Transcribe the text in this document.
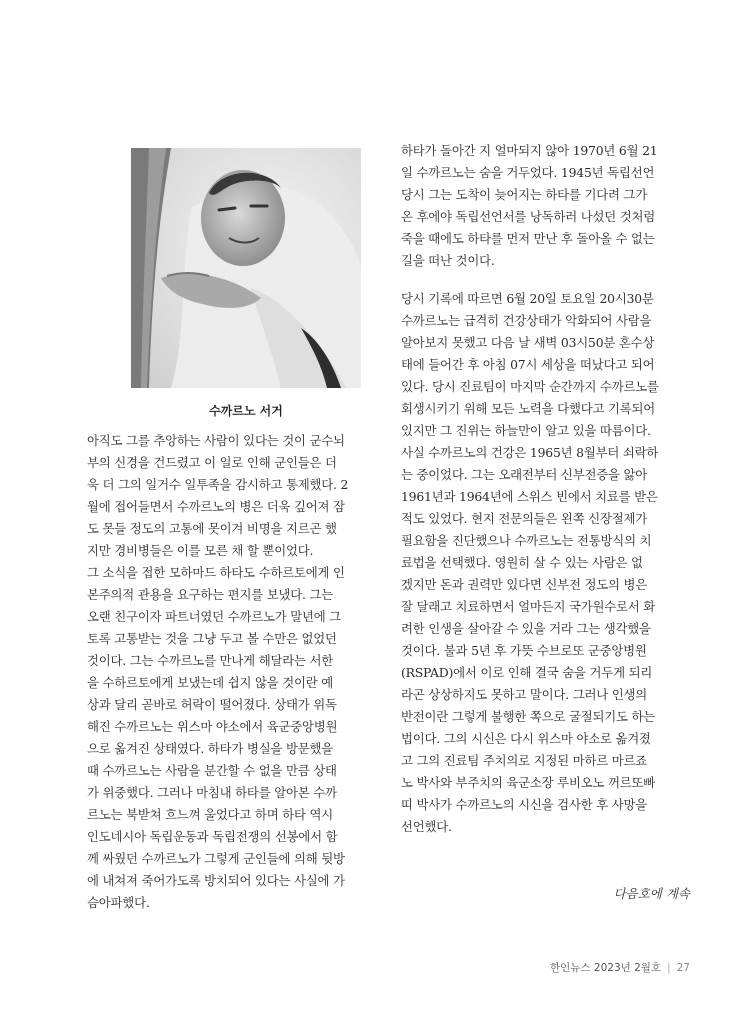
수까르노 서거

아직도 그를 추앙하는 사람이 있다는 것이 군수뇌
부의 신경을 건드렸고 이 일로 인해 군인들은 더
욱 더 그의 일거수 일투족을 감시하고 통제했다. 2
월에 접어들면서 수까르노의 병은 더욱 깊어져 잠
도 못들 정도의 고통에 못이겨 비명을 지르곤 했
지만 경비병들은 이를 모른 채 할 뿐이었다.

그 소식을 접한 모하마드 하타도 수하르토에게 인
본주의적 관용을 요구하는 편지를 보냈다. 그는
오랜 친구이자 파트너였던 수까르노가 말년에 그
토록 고통받는 것을 그냥 두고 볼 수만은 없었던
것이다. 그는 수까르노를 만나게 해달라는 서한
을 수하르토에게 보냈는데 쉽지 않을 것이란 예
상과 달리 곧바로 허락이 떨어졌다. 상태가 위독
해진 수까르노는 위스마 야소에서 육군중앙병원
으로 옮겨진 상태였다. 하타가 병실을 방문했을
때 수까르노는 사람을 분간할 수 없을 만큼 상태
가 위중했다. 그러나 마침내 하타를 알아본 수까
르노는 북받쳐 흐느껴 울었다고 하며 하타 역시
인도네시아 독립운동과 독립전쟁의 선봉에서 함
께 싸웠던 수까르노가 그렇게 군인들에 의해 뒷방
에 내쳐져 죽어가도록 방치되어 있다는 사실에 가
슴아파했다.

하타가 돌아간 지 얼마되지 않아 1970년 6월 21
일 수까르노는 숨을 거두었다. 1945년 독립선언
당시 그는 도착이 늦어지는 하타를 기다려 그가
온 후에야 독립선언서를 낭독하러 나섰던 것처럼
죽을 때에도 하타를 먼저 만난 후 돌아올 수 없는
길을 떠난 것이다.

당시 기록에 따르면 6월 20일 토요일 20시30분
수까르노는 급격히 건강상태가 악화되어 사람을
알아보지 못했고 다음 날 새벽 03시50분 혼수상
태에 들어간 후 아침 07시 세상을 떠났다고 되어
있다. 당시 진료팀이 마지막 순간까지 수까르노를
회생시키기 위해 모든 노력을 다했다고 기록되어
있지만 그 진위는 하늘만이 알고 있을 따름이다.

사실 수까르노의 건강은 1965년 8월부터 쇠락하
는 중이었다. 그는 오래전부터 신부전증을 앓아
1961년과 1964년에 스위스 빈에서 치료를 받은
적도 있었다. 현지 전문의들은 왼쪽 신장절제가
필요함을 진단했으나 수까르노는 전통방식의 치
료법을 선택했다. 영원히 살 수 있는 사람은 없
겠지만 돈과 권력만 있다면 신부전 정도의 병은
잘 달래고 치료하면서 얼마든지 국가원수로서 화
려한 인생을 살아갈 수 있을 거라 그는 생각했을
것이다. 불과 5년 후 가뜻 수브로또 군중앙병원
(RSPAD)에서 이로 인해 결국 숨을 거두게 되리
라곤 상상하지도 못하고 말이다. 그러나 인생의
반전이란 그렇게 불행한 쪽으로 굴절되기도 하는
법이다. 그의 시신은 다시 위스마 야소로 옮겨졌
고 그의 진료팀 주치의로 지정된 마하르 마르죠
노 박사와 부주치의 육군소장 루비오노 꺼르또빠
띠 박사가 수까르노의 시신을 검사한 후 사망을
선언했다.

다음호에 계속
한인뉴스 2023년 2월호 | 27
